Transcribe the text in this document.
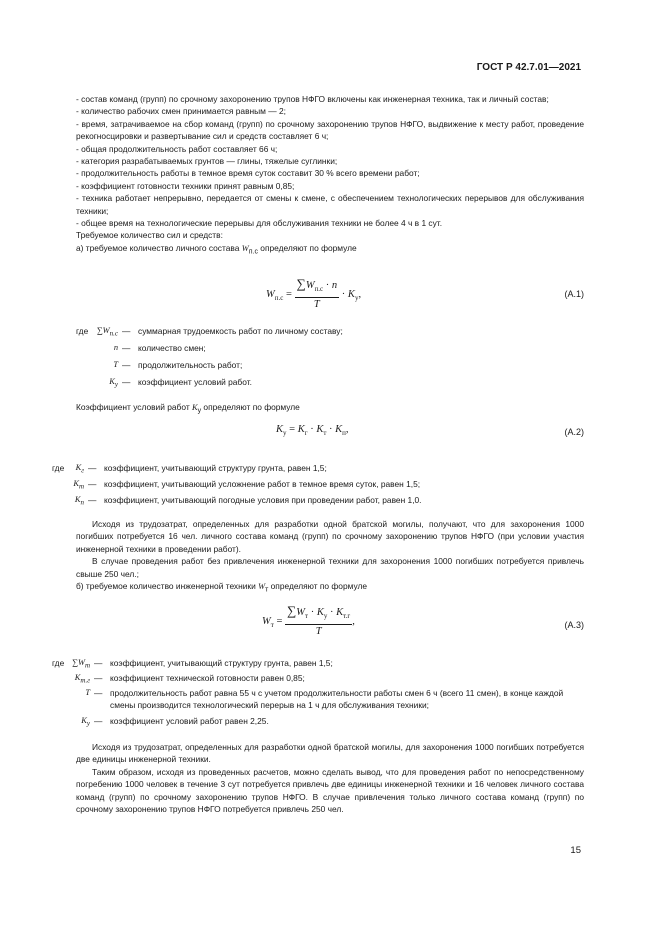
ГОСТ Р 42.7.01—2021

- состав команд (групп) по срочному захоронению трупов НФГО включены как инженерная техника, так и личный состав;

- количество рабочих смен принимается равным — 2;

- время, затрачиваемое на сбор команд (групп) по срочному захоронению трупов НФГО, выдвижение к месту работ, проведение рекогносцировки и развертывание сил и средств составляет 6 ч;

- общая продолжительность работ составляет 66 ч;

- категория разрабатываемых грунтов — глины, тяжелые суглинки;

- продолжительность работы в темное время суток составит 30 % всего времени работ;

- коэффициент готовности техники принят равным 0,85;

- техника работает непрерывно, передается от смены к смене, с обеспечением технологических перерывов для обслуживания техники;

- общее время на технологические перерывы для обслуживания техники не более 4 ч в 1 сут.

Требуемое количество сил и средств:

а) требуемое количество личного состава $W_{п.с}$ определяют по формуле

$W_{п.с} = \frac{\sum W_{п.с} \cdot n}{T} \cdot K_у$,	(А.1)
где	$\sum W_{п.с}$ — суммарная трудоемкость работ по личному составу;
n — количество смен;
T — продолжительность работ;
$K_у$ — коэффициент условий работ.

Коэффициент условий работ $K_у$ определяют по формуле

$K_у = K_г \cdot K_т \cdot K_п$,	(А.2)
где	$K_г$ — коэффициент, учитывающий структуру грунта, равен 1,5;
$K_т$ — коэффициент, учитывающий усложнение работ в темное время суток, равен 1,5;
$K_п$ — коэффициент, учитывающий погодные условия при проведении работ, равен 1,0.

Исходя из трудозатрат, определенных для разработки одной братской могилы, получают, что для захоронения 1000 погибших потребуется 16 чел. личного состава команд (групп) по срочному захоронению трупов НФГО (при условии участия инженерной техники в проведении работ).

В случае проведения работ без привлечения инженерной техники для захоронения 1000 погибших потребуется привлечь свыше 250 чел.;

б) требуемое количество инженерной техники $W_т$ определяют по формуле

$W_т = \frac{\sum W_т \cdot K_у \cdot K_{т.г}}{T}$ ,	(А.3)
где $\sum W_т$ — коэффициент, учитывающий структуру грунта, равен 1,5;
$K_{т.г}$ — коэффициент технической готовности равен 0,85;
T — продолжительность работ равна 55 ч с учетом продолжительности работы смен 6 ч (всего 11 смен), в конце каждой смены производится технологический перерыв на 1 ч для обслуживания техники;
$K_у$ — коэффициент условий работ равен 2,25.

Исходя из трудозатрат, определенных для разработки одной братской могилы, для захоронения 1000 погибших потребуется две единицы инженерной техники.

Таким образом, исходя из проведенных расчетов, можно сделать вывод, что для проведения работ по непосредственному погребению 1000 человек в течение 3 сут потребуется привлечь две единицы инженерной техники и 16 человек личного состава команд (групп) по срочному захоронению трупов НФГО. В случае привлечения только личного состава команд (групп) по срочному захоронению трупов НФГО потребуется привлечь 250 чел.

15
